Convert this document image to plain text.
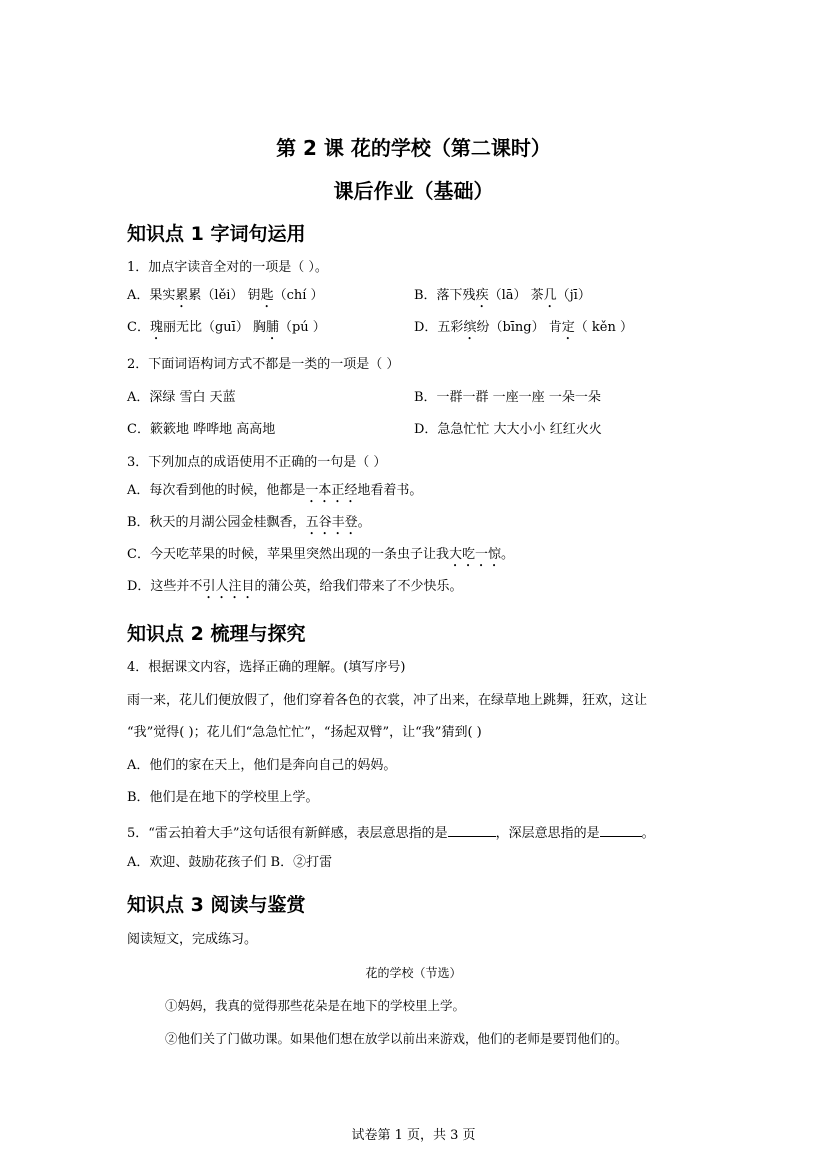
第 2 课 花的学校（第二课时）
课后作业（基础）
知识点 1 字词句运用
1．加点字读音全对的一项是（ ）。
A．果实累累（lěi） 钥匙（chí ）	B．落下残疾（lā） 茶几（jī）
C．瑰丽无比（guī） 胸脯（pú ）	D．五彩缤纷（bīng） 肯定（ kěn ）
2．下面词语构词方式不都是一类的一项是（ ）
A．深绿 雪白 天蓝	B．一群一群 一座一座 一朵一朵
C．簌簌地 哗哗地 高高地	D．急急忙忙 大大小小 红红火火
3．下列加点的成语使用不正确的一句是（ ）
A．每次看到他的时候，他都是一本正经地看着书。
B．秋天的月湖公园金桂飘香，五谷丰登。
C．今天吃苹果的时候，苹果里突然出现的一条虫子让我大吃一惊。
D．这些并不引人注目的蒲公英，给我们带来了不少快乐。
知识点 2 梳理与探究
4．根据课文内容，选择正确的理解。(填写序号)
雨一来，花儿们便放假了，他们穿着各色的衣裳，冲了出来，在绿草地上跳舞，狂欢，这让
“我”觉得( )；花儿们“急急忙忙”，“扬起双臂”，让“我”猜到( )
A．他们的家在天上，他们是奔向自己的妈妈。
B．他们是在地下的学校里上学。
5．“雷云拍着大手”这句话很有新鲜感，表层意思指的是	，深层意思指的是	。
A．欢迎、鼓励花孩子们 B．②打雷
知识点 3 阅读与鉴赏
阅读短文，完成练习。
花的学校（节选）
①妈妈，我真的觉得那些花朵是在地下的学校里上学。
②他们关了门做功课。如果他们想在放学以前出来游戏，他们的老师是要罚他们的。
试卷第 1 页，共 3 页
